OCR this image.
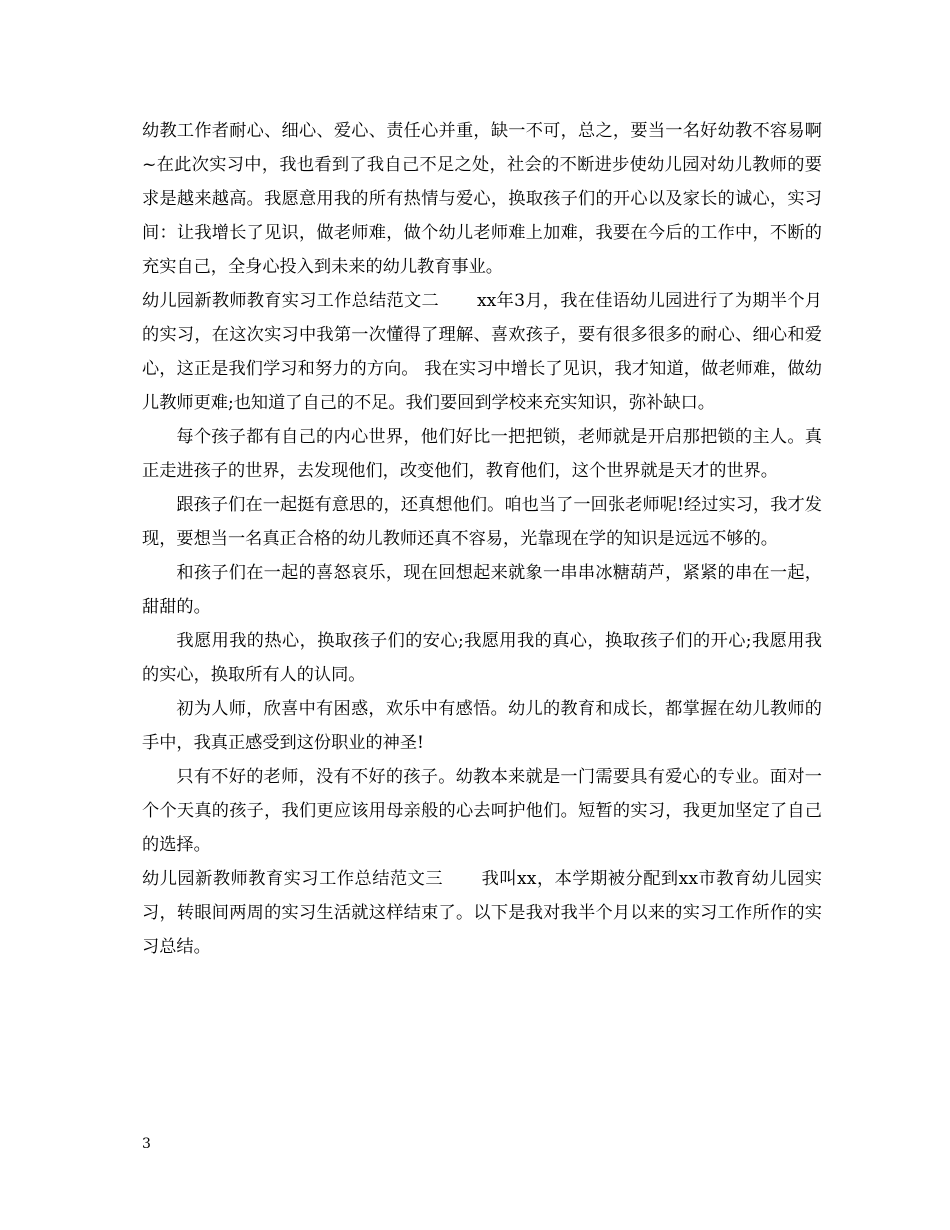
幼教工作者耐心、细心、爱心、责任心并重，缺一不可，总之，要当一名好幼教不容易啊~在此次实习中，我也看到了我自己不足之处，社会的不断进步使幼儿园对幼儿教师的要求是越来越高。我愿意用我的所有热情与爱心，换取孩子们的开心以及家长的诚心，实习间：让我增长了见识，做老师难，做个幼儿老师难上加难，我要在今后的工作中，不断的充实自己，全身心投入到未来的幼儿教育事业。

幼儿园新教师教育实习工作总结范文二 xx年3月，我在佳语幼儿园进行了为期半个月的实习，在这次实习中我第一次懂得了理解、喜欢孩子，要有很多很多的耐心、细心和爱心，这正是我们学习和努力的方向。 我在实习中增长了见识，我才知道，做老师难，做幼儿教师更难;也知道了自己的不足。我们要回到学校来充实知识，弥补缺口。

每个孩子都有自己的内心世界，他们好比一把把锁，老师就是开启那把锁的主人。真正走进孩子的世界，去发现他们，改变他们，教育他们，这个世界就是天才的世界。

跟孩子们在一起挺有意思的，还真想他们。咱也当了一回张老师呢!经过实习，我才发现，要想当一名真正合格的幼儿教师还真不容易，光靠现在学的知识是远远不够的。

和孩子们在一起的喜怒哀乐，现在回想起来就象一串串冰糖葫芦，紧紧的串在一起，甜甜的。

我愿用我的热心，换取孩子们的安心;我愿用我的真心，换取孩子们的开心;我愿用我的实心，换取所有人的认同。

初为人师，欣喜中有困惑，欢乐中有感悟。幼儿的教育和成长，都掌握在幼儿教师的手中，我真正感受到这份职业的神圣!

只有不好的老师，没有不好的孩子。幼教本来就是一门需要具有爱心的专业。面对一个个天真的孩子，我们更应该用母亲般的心去呵护他们。短暂的实习，我更加坚定了自己的选择。

幼儿园新教师教育实习工作总结范文三 我叫xx，本学期被分配到xx市教育幼儿园实习，转眼间两周的实习生活就这样结束了。以下是我对我半个月以来的实习工作所作的实习总结。

3
